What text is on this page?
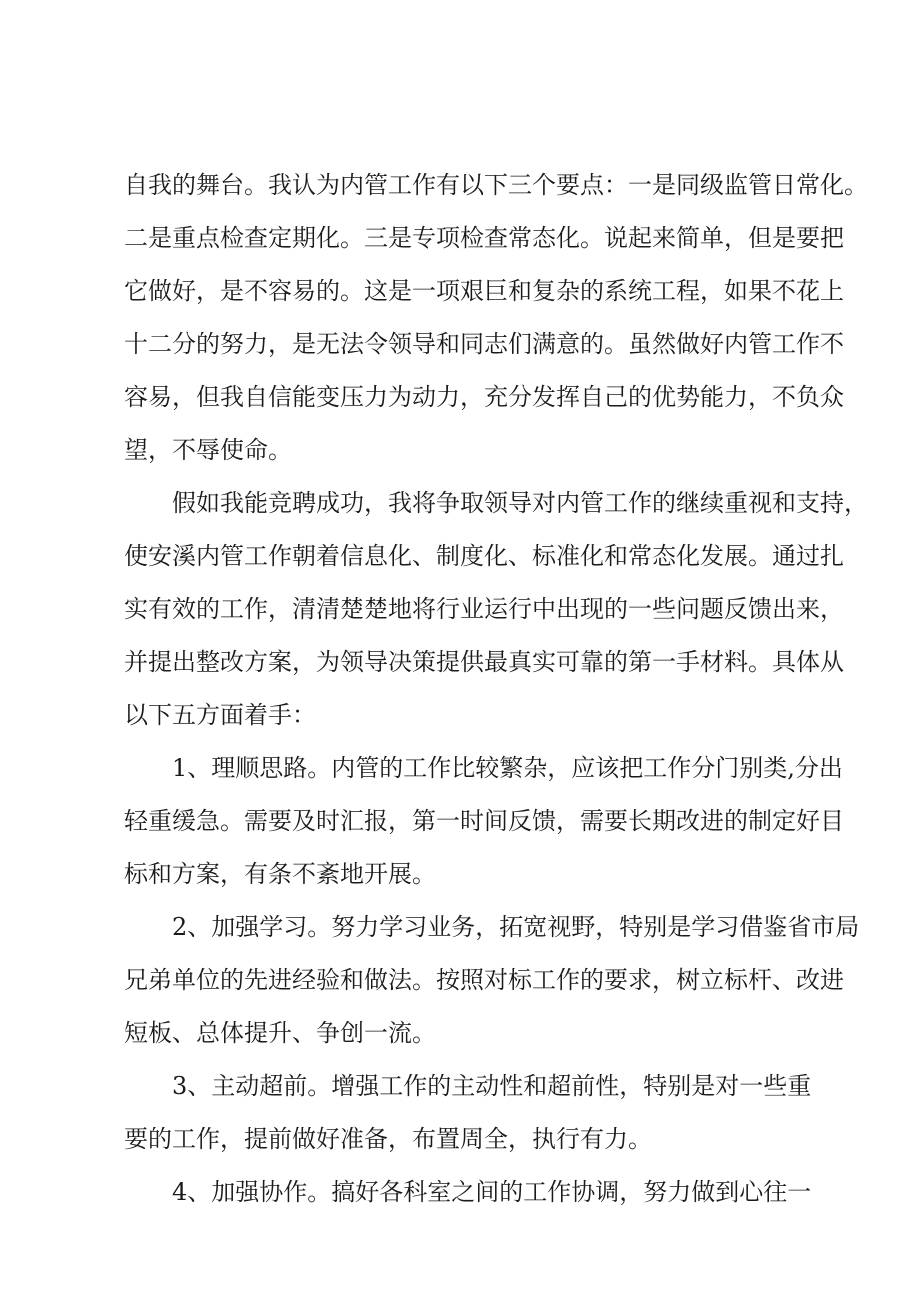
自我的舞台。我认为内管工作有以下三个要点：一是同级监管日常化。
二是重点检查定期化。三是专项检查常态化。说起来简单，但是要把
它做好，是不容易的。这是一项艰巨和复杂的系统工程，如果不花上
十二分的努力，是无法令领导和同志们满意的。虽然做好内管工作不
容易，但我自信能变压力为动力，充分发挥自己的优势能力，不负众
望，不辱使命。
假如我能竞聘成功，我将争取领导对内管工作的继续重视和支持，
使安溪内管工作朝着信息化、制度化、标准化和常态化发展。通过扎
实有效的工作，清清楚楚地将行业运行中出现的一些问题反馈出来，
并提出整改方案，为领导决策提供最真实可靠的第一手材料。具体从
以下五方面着手：
1、理顺思路。内管的工作比较繁杂，应该把工作分门别类,分出
轻重缓急。需要及时汇报，第一时间反馈，需要长期改进的制定好目
标和方案，有条不紊地开展。
2、加强学习。努力学习业务，拓宽视野，特别是学习借鉴省市局
兄弟单位的先进经验和做法。按照对标工作的要求，树立标杆、改进
短板、总体提升、争创一流。
3、主动超前。增强工作的主动性和超前性，特别是对一些重
要的工作，提前做好准备，布置周全，执行有力。
4、加强协作。搞好各科室之间的工作协调，努力做到心往一
